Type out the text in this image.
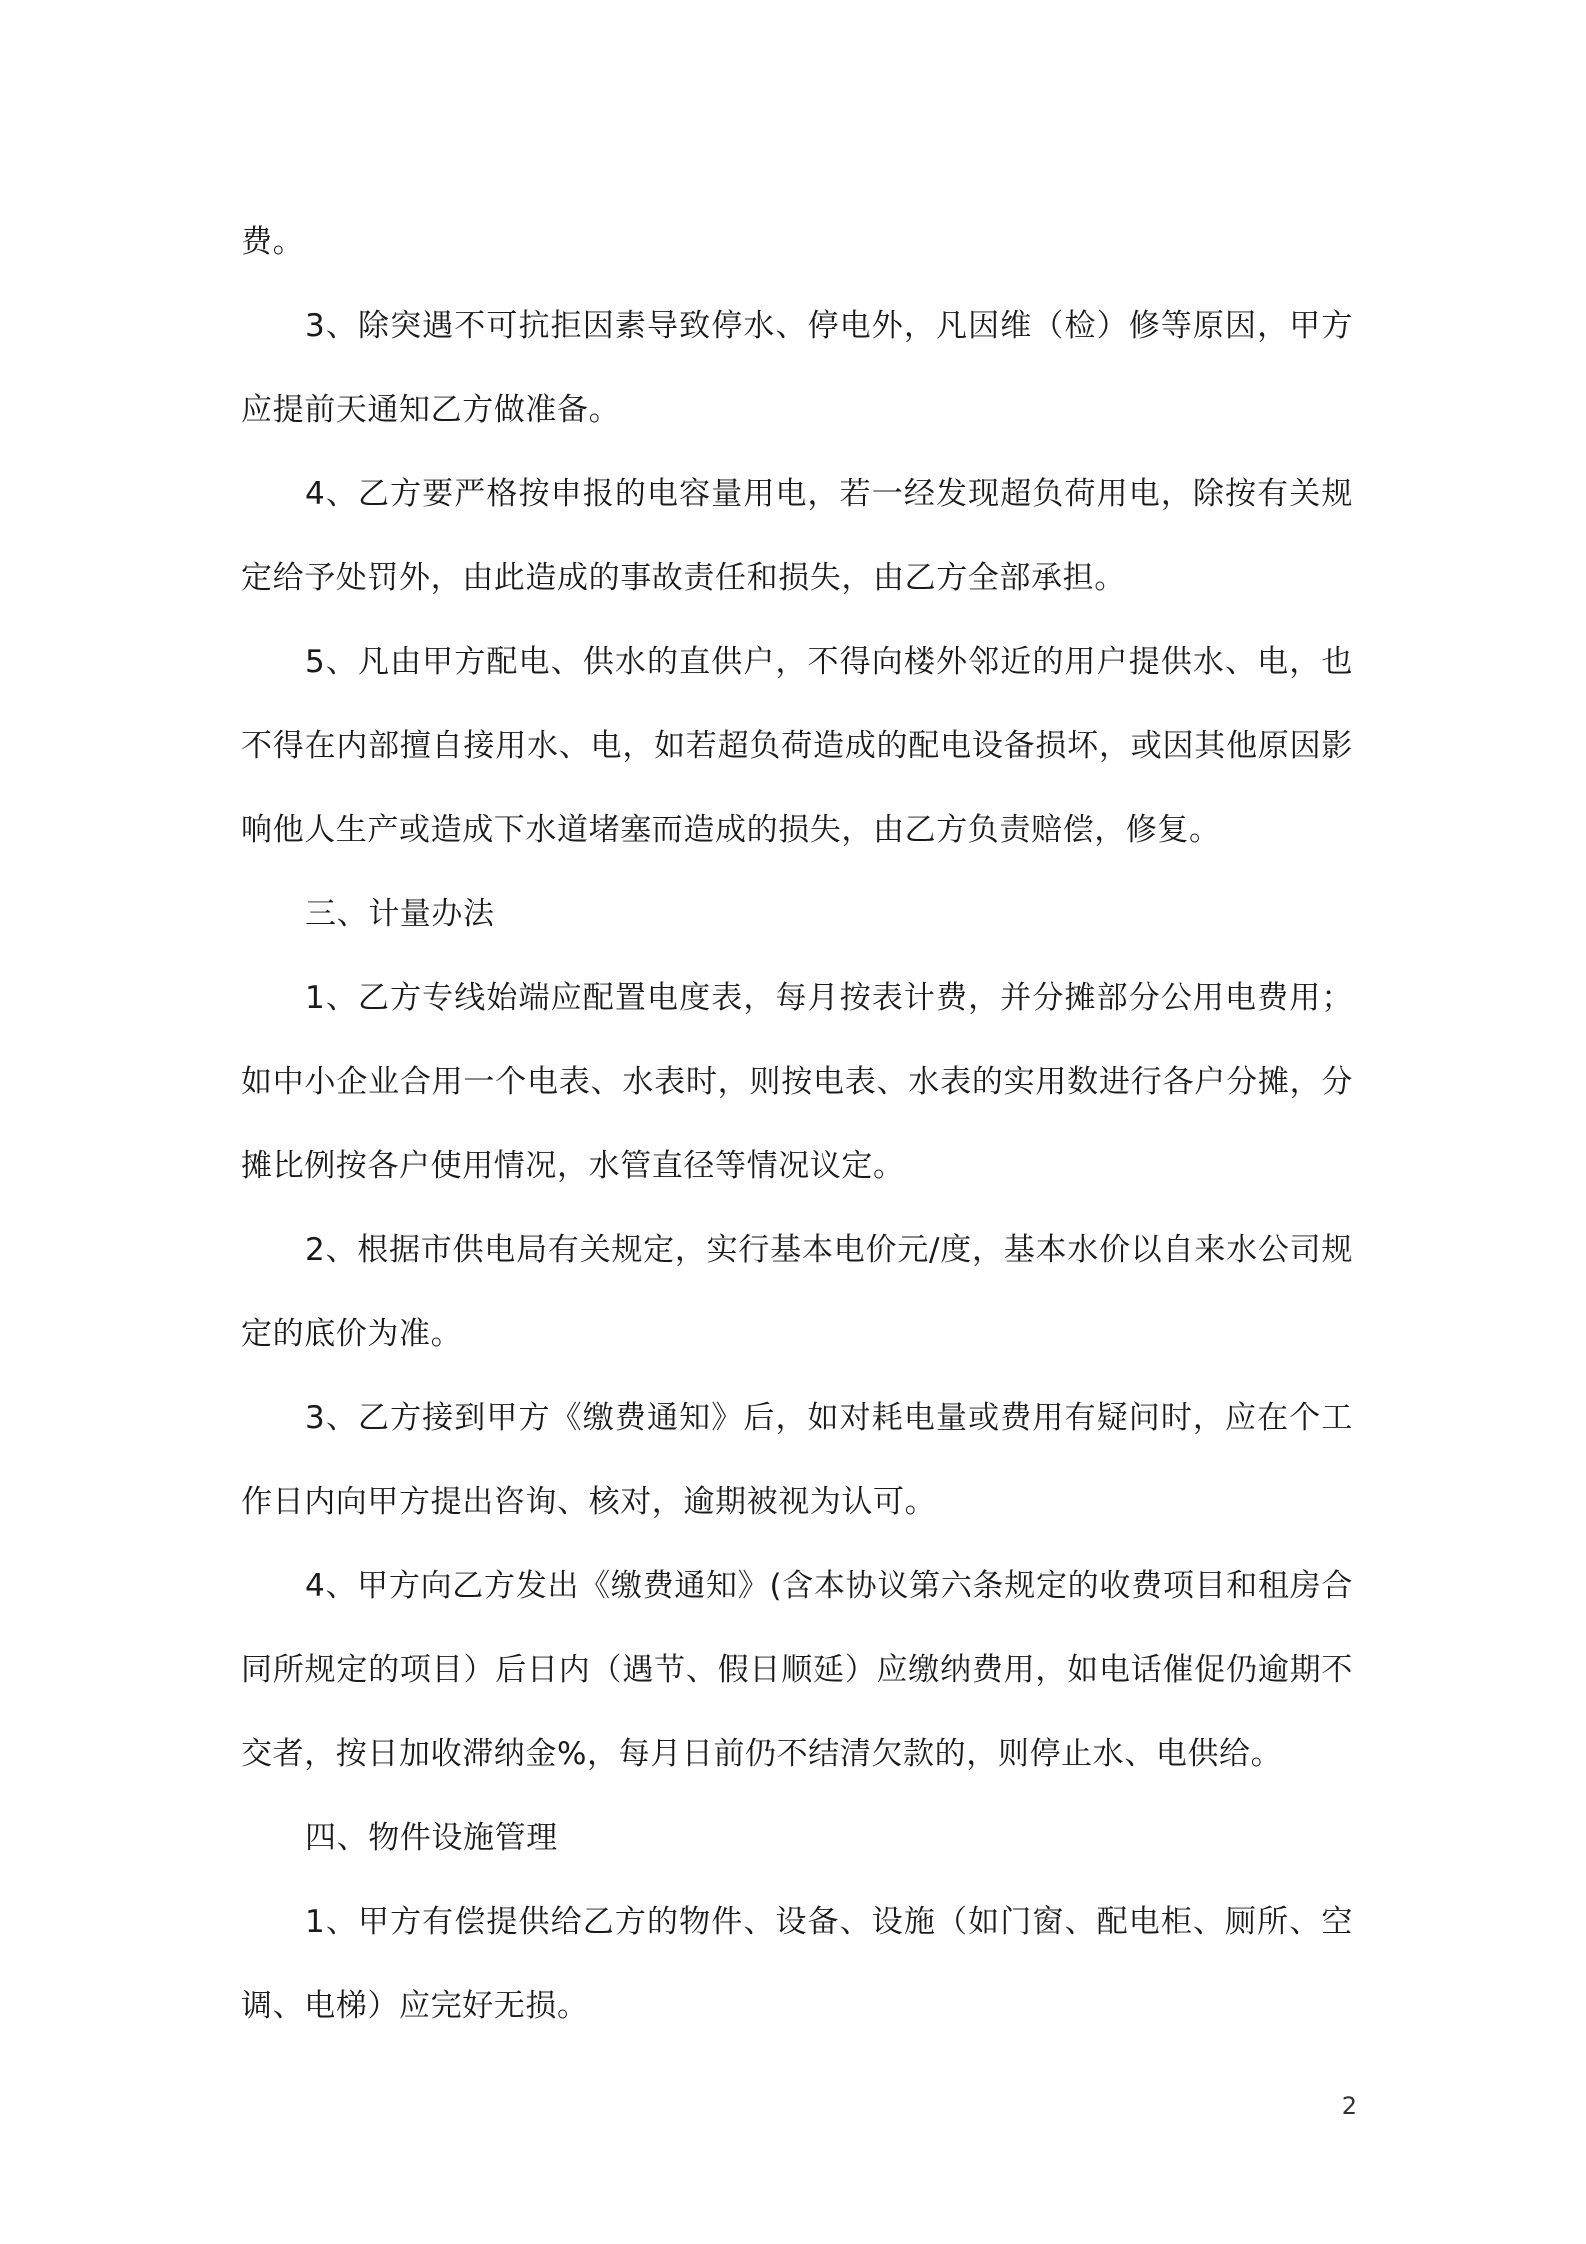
费。

3、除突遇不可抗拒因素导致停水、停电外，凡因维（检）修等原因，甲方应提前天通知乙方做准备。

4、乙方要严格按申报的电容量用电，若一经发现超负荷用电，除按有关规定给予处罚外，由此造成的事故责任和损失，由乙方全部承担。

5、凡由甲方配电、供水的直供户，不得向楼外邻近的用户提供水、电，也不得在内部擅自接用水、电，如若超负荷造成的配电设备损坏，或因其他原因影响他人生产或造成下水道堵塞而造成的损失，由乙方负责赔偿，修复。

三、计量办法

1、乙方专线始端应配置电度表，每月按表计费，并分摊部分公用电费用；如中小企业合用一个电表、水表时，则按电表、水表的实用数进行各户分摊，分摊比例按各户使用情况，水管直径等情况议定。

2、根据市供电局有关规定，实行基本电价元/度，基本水价以自来水公司规定的底价为准。

3、乙方接到甲方《缴费通知》后，如对耗电量或费用有疑问时，应在个工作日内向甲方提出咨询、核对，逾期被视为认可。

4、甲方向乙方发出《缴费通知》(含本协议第六条规定的收费项目和租房合同所规定的项目）后日内（遇节、假日顺延）应缴纳费用，如电话催促仍逾期不交者，按日加收滞纳金%，每月日前仍不结清欠款的，则停止水、电供给。

四、物件设施管理

1、甲方有偿提供给乙方的物件、设备、设施（如门窗、配电柜、厕所、空调、电梯）应完好无损。

2
